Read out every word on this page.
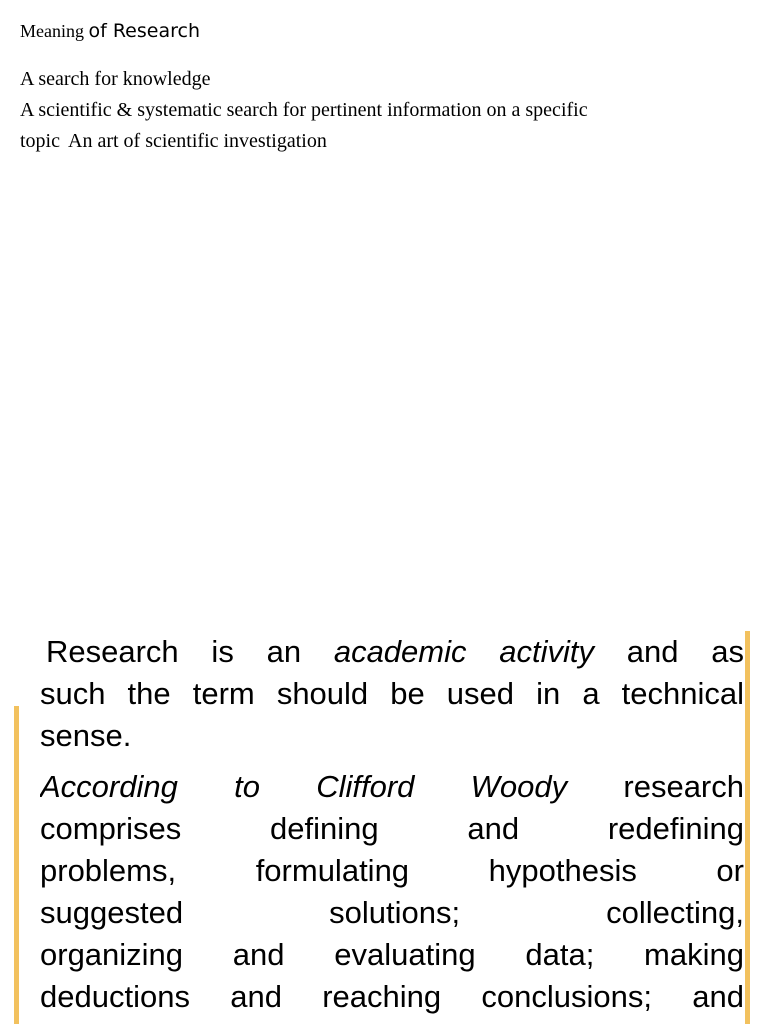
Meaning of Research
A search for knowledge
A scientific & systematic search for pertinent information on a specific
topic An art of scientific investigation
Research is an academic activity and as
such the term should be used in a technical
sense.
According to Clifford Woody research
comprises defining and redefining
problems, formulating hypothesis or
suggested solutions; collecting,
organizing and evaluating data; making
deductions and reaching conclusions; and
